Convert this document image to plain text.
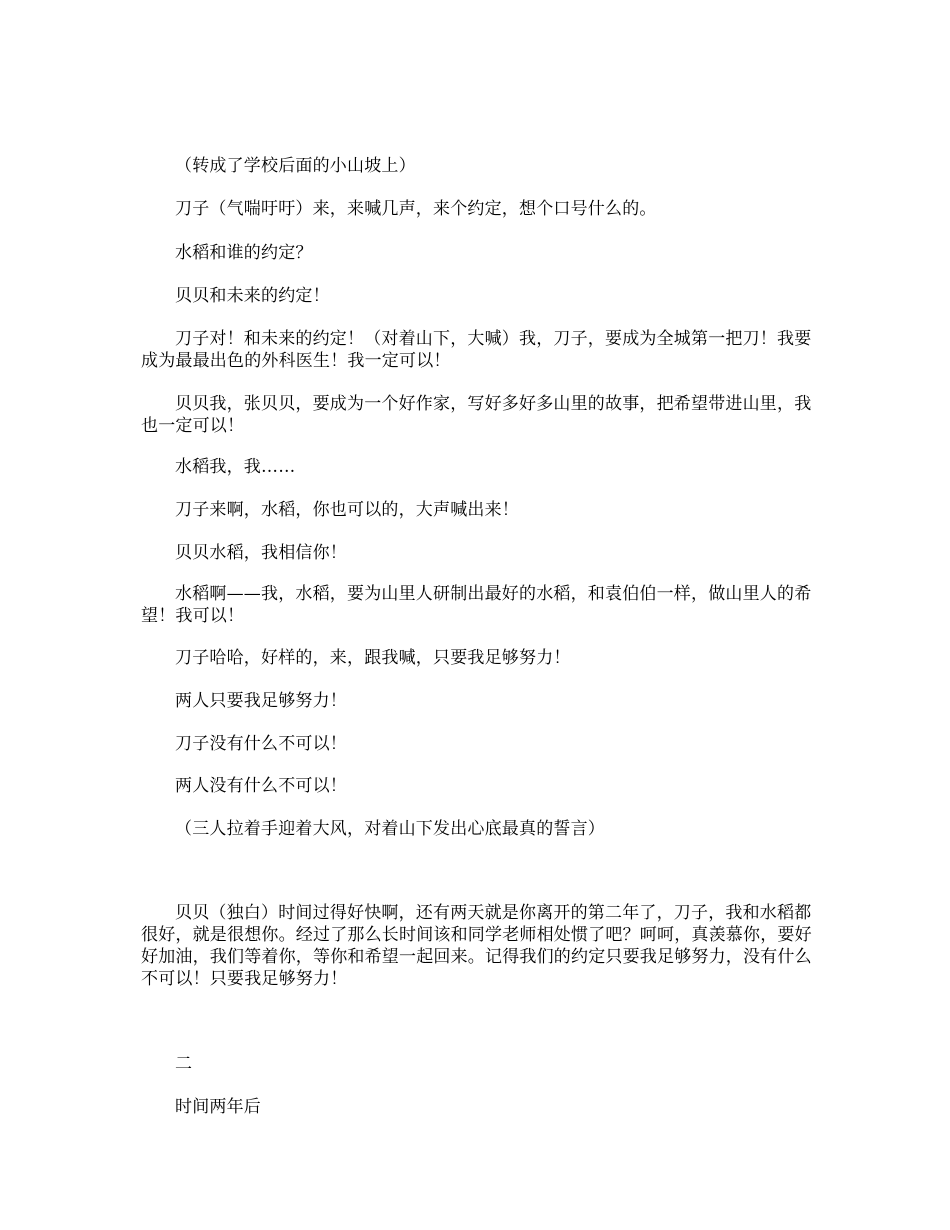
（转成了学校后面的小山坡上）

刀子（气喘吁吁）来，来喊几声，来个约定，想个口号什么的。

水稻和谁的约定？

贝贝和未来的约定！

刀子对！和未来的约定！（对着山下，大喊）我，刀子，要成为全城第一把刀！我要成为最最出色的外科医生！我一定可以！

贝贝我，张贝贝，要成为一个好作家，写好多好多山里的故事，把希望带进山里，我也一定可以！

水稻我，我……

刀子来啊，水稻，你也可以的，大声喊出来！

贝贝水稻，我相信你！

水稻啊——我，水稻，要为山里人研制出最好的水稻，和袁伯伯一样，做山里人的希望！我可以！

刀子哈哈，好样的，来，跟我喊，只要我足够努力！

两人只要我足够努力！

刀子没有什么不可以！

两人没有什么不可以！

（三人拉着手迎着大风，对着山下发出心底最真的誓言）

贝贝（独白）时间过得好快啊，还有两天就是你离开的第二年了，刀子，我和水稻都很好，就是很想你。经过了那么长时间该和同学老师相处惯了吧？呵呵，真羡慕你，要好好加油，我们等着你，等你和希望一起回来。记得我们的约定只要我足够努力，没有什么不可以！只要我足够努力！

二

时间两年后
